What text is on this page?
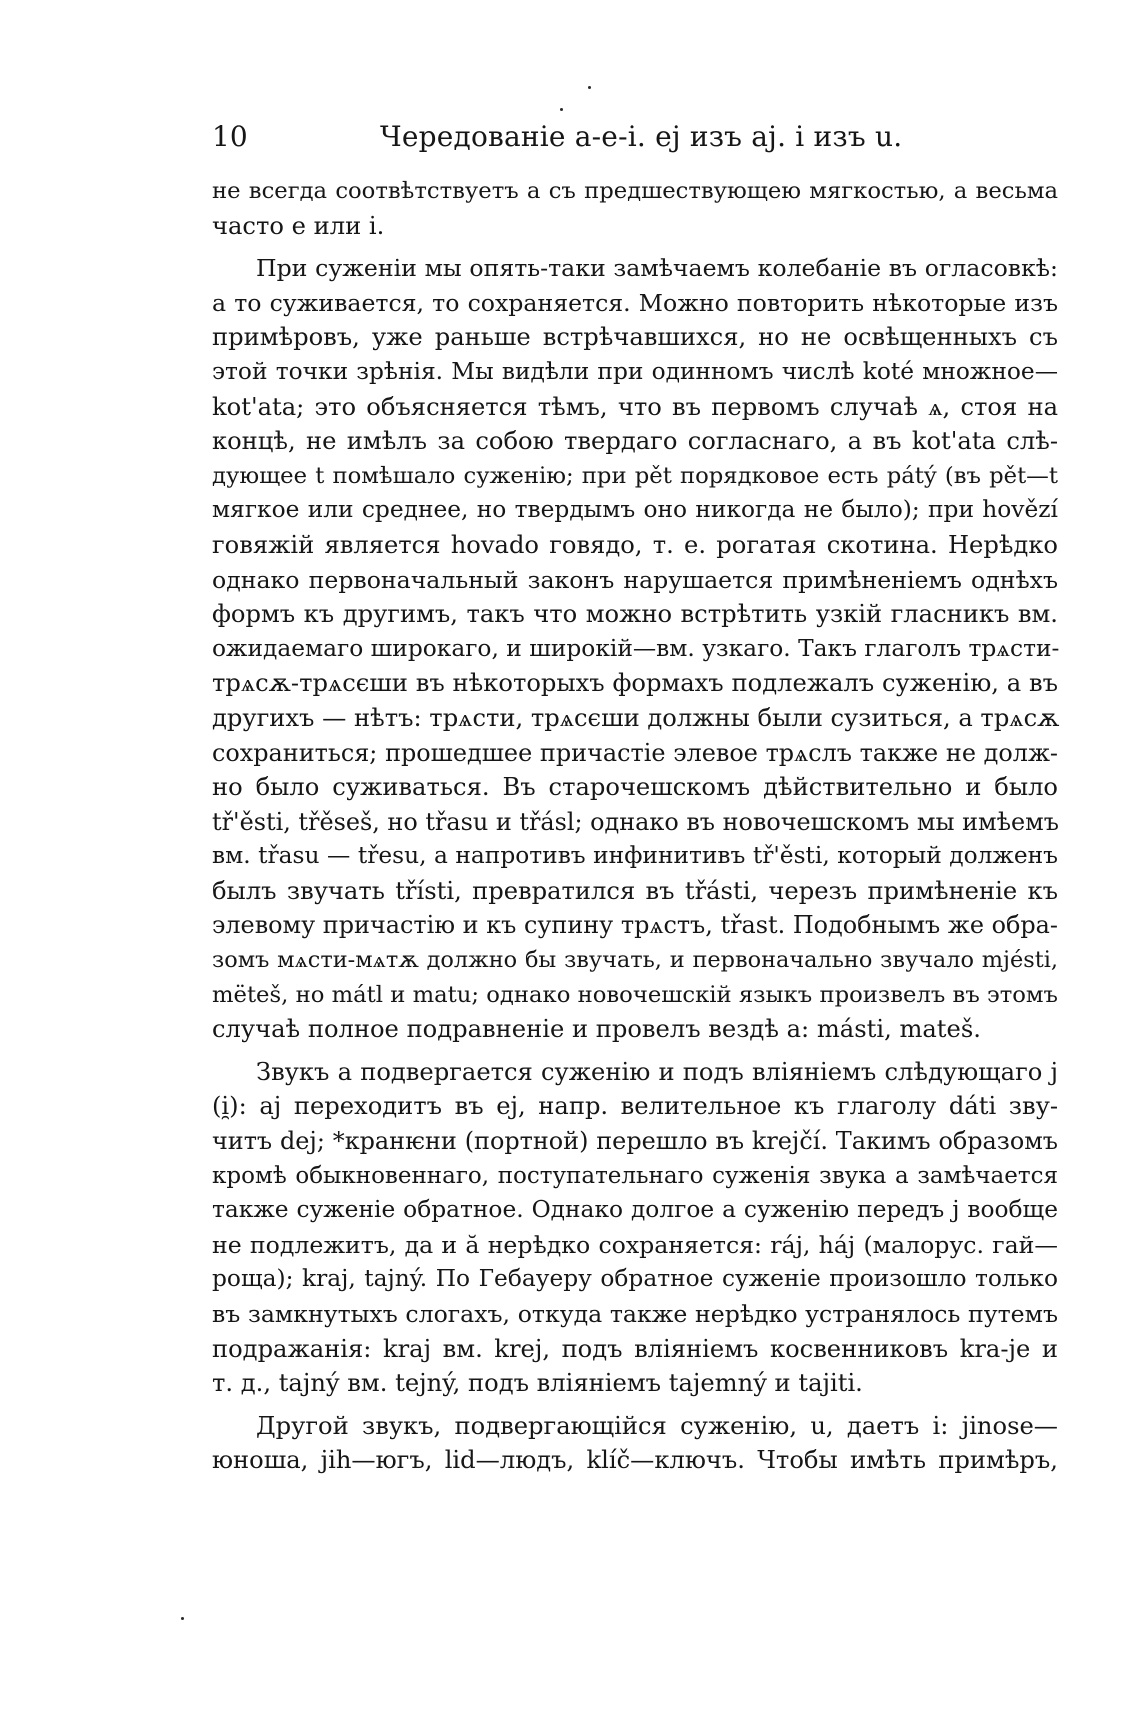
10	Чередованіе а-е-і. ej изъ aj. і изъ u.
не всегда соотвѣтствуетъ a съ предшествующею мягкостью, а весьма
часто e или i.
При суженіи мы опять-таки замѣчаемъ колебаніе въ огласовкѣ:
a то суживается, то сохраняется. Можно повторить нѣкоторые изъ
примѣровъ, уже раньше встрѣчавшихся, но не освѣщенныхъ съ
этой точки зрѣнія. Мы видѣли при одинномъ числѣ koté множное—
kot'ata; это объясняется тѣмъ, что въ первомъ случаѣ ѧ, стоя на
концѣ, не имѣлъ за собою твердаго согласнаго, а въ kot'ata слѣ-
дующее t помѣшало суженію; при pět порядковое есть pátý (въ pět—t
мягкое или среднее, но твердымъ оно никогда не было); при hovězí
говяжій является hovado говядо, т. е. рогатая скотина. Нерѣдко
однако первоначальный законъ нарушается примѣненіемъ однѣхъ
формъ къ другимъ, такъ что можно встрѣтить узкій гласникъ вм.
ожидаемаго широкаго, и широкій—вм. узкаго. Такъ глаголъ трѧсти-
трѧсѫ-трѧсєши въ нѣкоторыхъ формахъ подлежалъ суженію, а въ
другихъ — нѣтъ: трѧсти, трѧсєши должны были сузиться, а трѧсѫ
сохраниться; прошедшее причастіе элевое трѧслъ также не долж-
но было суживаться. Въ старочешскомъ дѣйствительно и было
tř'ěsti, třěseš, но třasu и třásl; однако въ новочешскомъ мы имѣемъ
вм. třasu — třesu, а напротивъ инфинитивъ tř'ěsti, который долженъ
былъ звучать třísti, превратился въ třásti, черезъ примѣненіе къ
элевому причастію и къ супину трѧстъ, třast. Подобнымъ же обра-
зомъ мѧсти-мѧтѫ должно бы звучать, и первоначально звучало mjésti,
mëteš, но mátl и matu; однако новочешскій языкъ произвелъ въ этомъ
случаѣ полное подравненіе и провелъ вездѣ a: másti, mateš.
Звукъ a подвергается суженію и подъ вліяніемъ слѣдующаго j
(i̯): aj переходитъ въ ej, напр. велительное къ глаголу dáti зву-
читъ dej; *кранѥни (портной) перешло въ krejčí. Такимъ образомъ
кромѣ обыкновеннаго, поступательнаго суженія звука a замѣчается
также суженіе обратное. Однако долгое a суженію передъ j вообще
не подлежитъ, да и ă нерѣдко сохраняется: ráj, háj (малорус. гай—
роща); kraj, tajný. По Гебауеру обратное суженіе произошло только
въ замкнутыхъ слогахъ, откуда также нерѣдко устранялось путемъ
подражанія: kraj вм. krej, подъ вліяніемъ косвенниковъ kra-je и
т. д., tajný вм. tejný, подъ вліяніемъ tajemný и tajiti.
Другой звукъ, подвергающійся суженію, u, даетъ i: jinose—
юноша, jih—югъ, lid—людъ, klíč—ключъ. Чтобы имѣть примѣръ,
